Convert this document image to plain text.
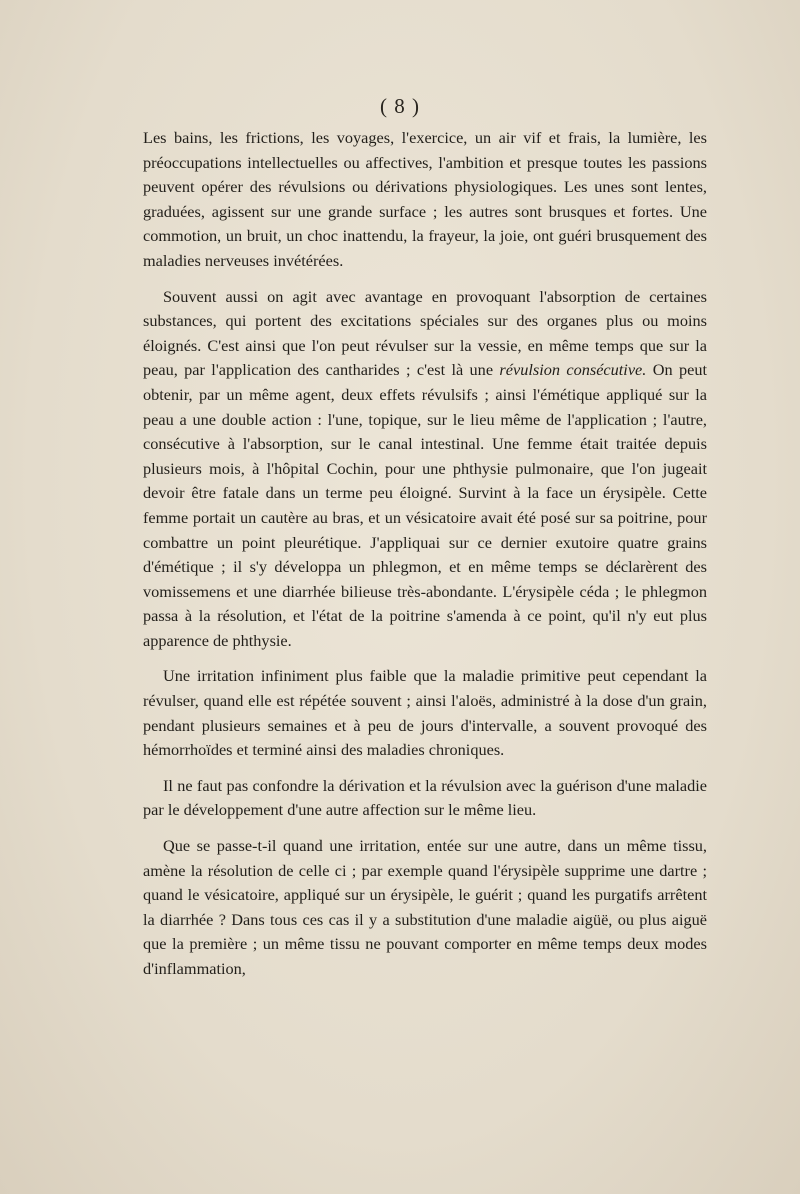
( 8 )

Les bains, les frictions, les voyages, l'exercice, un air vif et frais, la lumière, les préoccupations intellectuelles ou affectives, l'ambition et presque toutes les passions peuvent opérer des révulsions ou dérivations physiologiques. Les unes sont lentes, graduées, agissent sur une grande surface ; les autres sont brusques et fortes. Une commotion, un bruit, un choc inattendu, la frayeur, la joie, ont guéri brusquement des maladies nerveuses invétérées.

Souvent aussi on agit avec avantage en provoquant l'absorption de certaines substances, qui portent des excitations spéciales sur des organes plus ou moins éloignés. C'est ainsi que l'on peut révulser sur la vessie, en même temps que sur la peau, par l'application des cantharides ; c'est là une révulsion consécutive. On peut obtenir, par un même agent, deux effets révulsifs ; ainsi l'émétique appliqué sur la peau a une double action : l'une, topique, sur le lieu même de l'application ; l'autre, consécutive à l'absorption, sur le canal intestinal. Une femme était traitée depuis plusieurs mois, à l'hôpital Cochin, pour une phthysie pulmonaire, que l'on jugeait devoir être fatale dans un terme peu éloigné. Survint à la face un érysipèle. Cette femme portait un cautère au bras, et un vésicatoire avait été posé sur sa poitrine, pour combattre un point pleurétique. J'appliquai sur ce dernier exutoire quatre grains d'émétique ; il s'y développa un phlegmon, et en même temps se déclarèrent des vomissemens et une diarrhée bilieuse très-abondante. L'érysipèle céda ; le phlegmon passa à la résolution, et l'état de la poitrine s'amenda à ce point, qu'il n'y eut plus apparence de phthysie.

Une irritation infiniment plus faible que la maladie primitive peut cependant la révulser, quand elle est répétée souvent ; ainsi l'aloës, administré à la dose d'un grain, pendant plusieurs semaines et à peu de jours d'intervalle, a souvent provoqué des hémorrhoïdes et terminé ainsi des maladies chroniques.

Il ne faut pas confondre la dérivation et la révulsion avec la guérison d'une maladie par le développement d'une autre affection sur le même lieu.

Que se passe-t-il quand une irritation, entée sur une autre, dans un même tissu, amène la résolution de celle ci ; par exemple quand l'érysipèle supprime une dartre ; quand le vésicatoire, appliqué sur un érysipèle, le guérit ; quand les purgatifs arrêtent la diarrhée ? Dans tous ces cas il y a substitution d'une maladie aigüë, ou plus aiguë que la première ; un même tissu ne pouvant comporter en même temps deux modes d'inflammation,
